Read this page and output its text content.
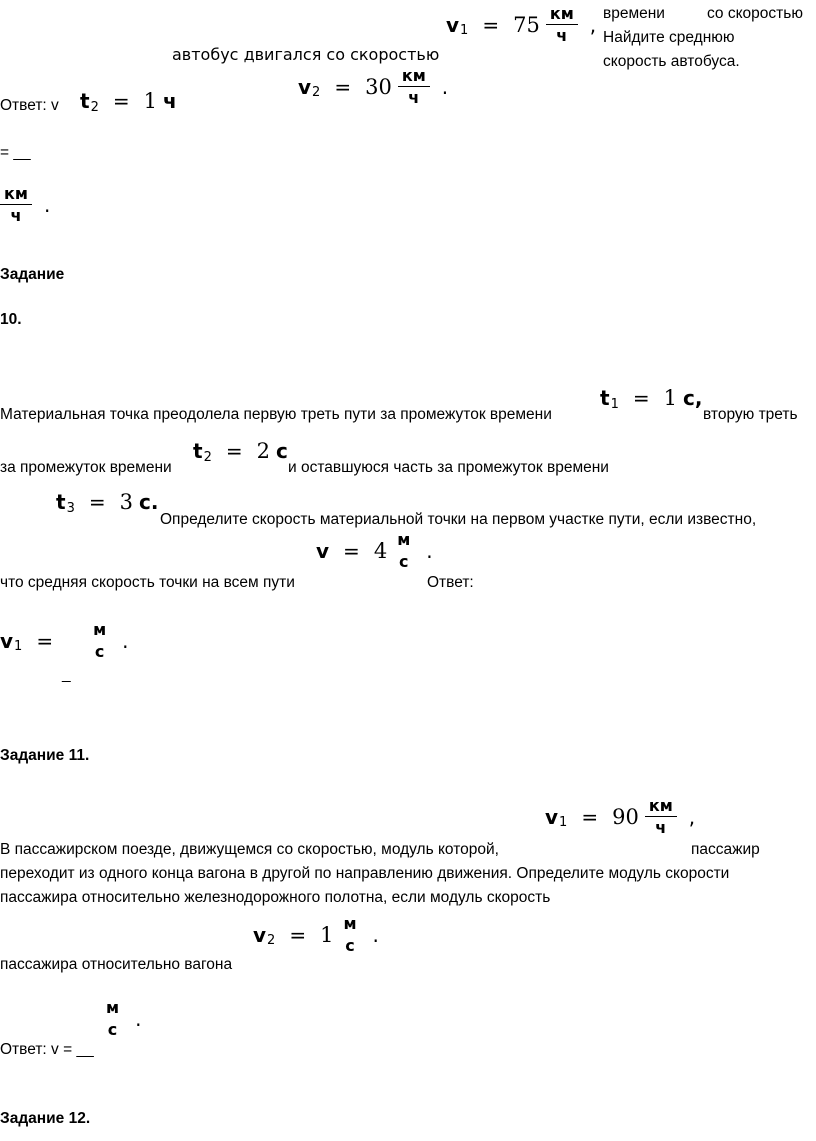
v $1 = 75 \frac{км}{ч}$ , времени	со скоростью
Найдите среднюю
скорость автобуса.
автобус двигался со скоростью
v $2 = 30 \frac{км}{ч}$ .
Ответ: v t 2 = 1 ч
= __
$\frac{км}{ч}$ .
Задание
10.
t 1 = 1 с,
Материальная точка преодолела первую треть пути за промежуток времени	вторую треть
t 2 = 2 с
за промежуток времени	и оставшуюся часть за промежуток времени
t 3 = 3 с.
Определите скорость материальной точки на первом участке пути, если известно,
v = 4 м
с .
что средняя скорость точки на всем пути	Ответ:
v 1 =	м
с .
_
Задание 11.
v $1 = 90 \frac{км}{ч}$ ,
В пассажирском поезде, движущемся со скоростью, модуль которой,	пассажир
переходит из одного конца вагона в другой по направлению движения. Определите модуль скорости
пассажира относительно железнодорожного полотна, если модуль скорость
v 2 = 1 м
с .
пассажира относительно вагона
м
с .
Ответ: v = __
Задание 12.
